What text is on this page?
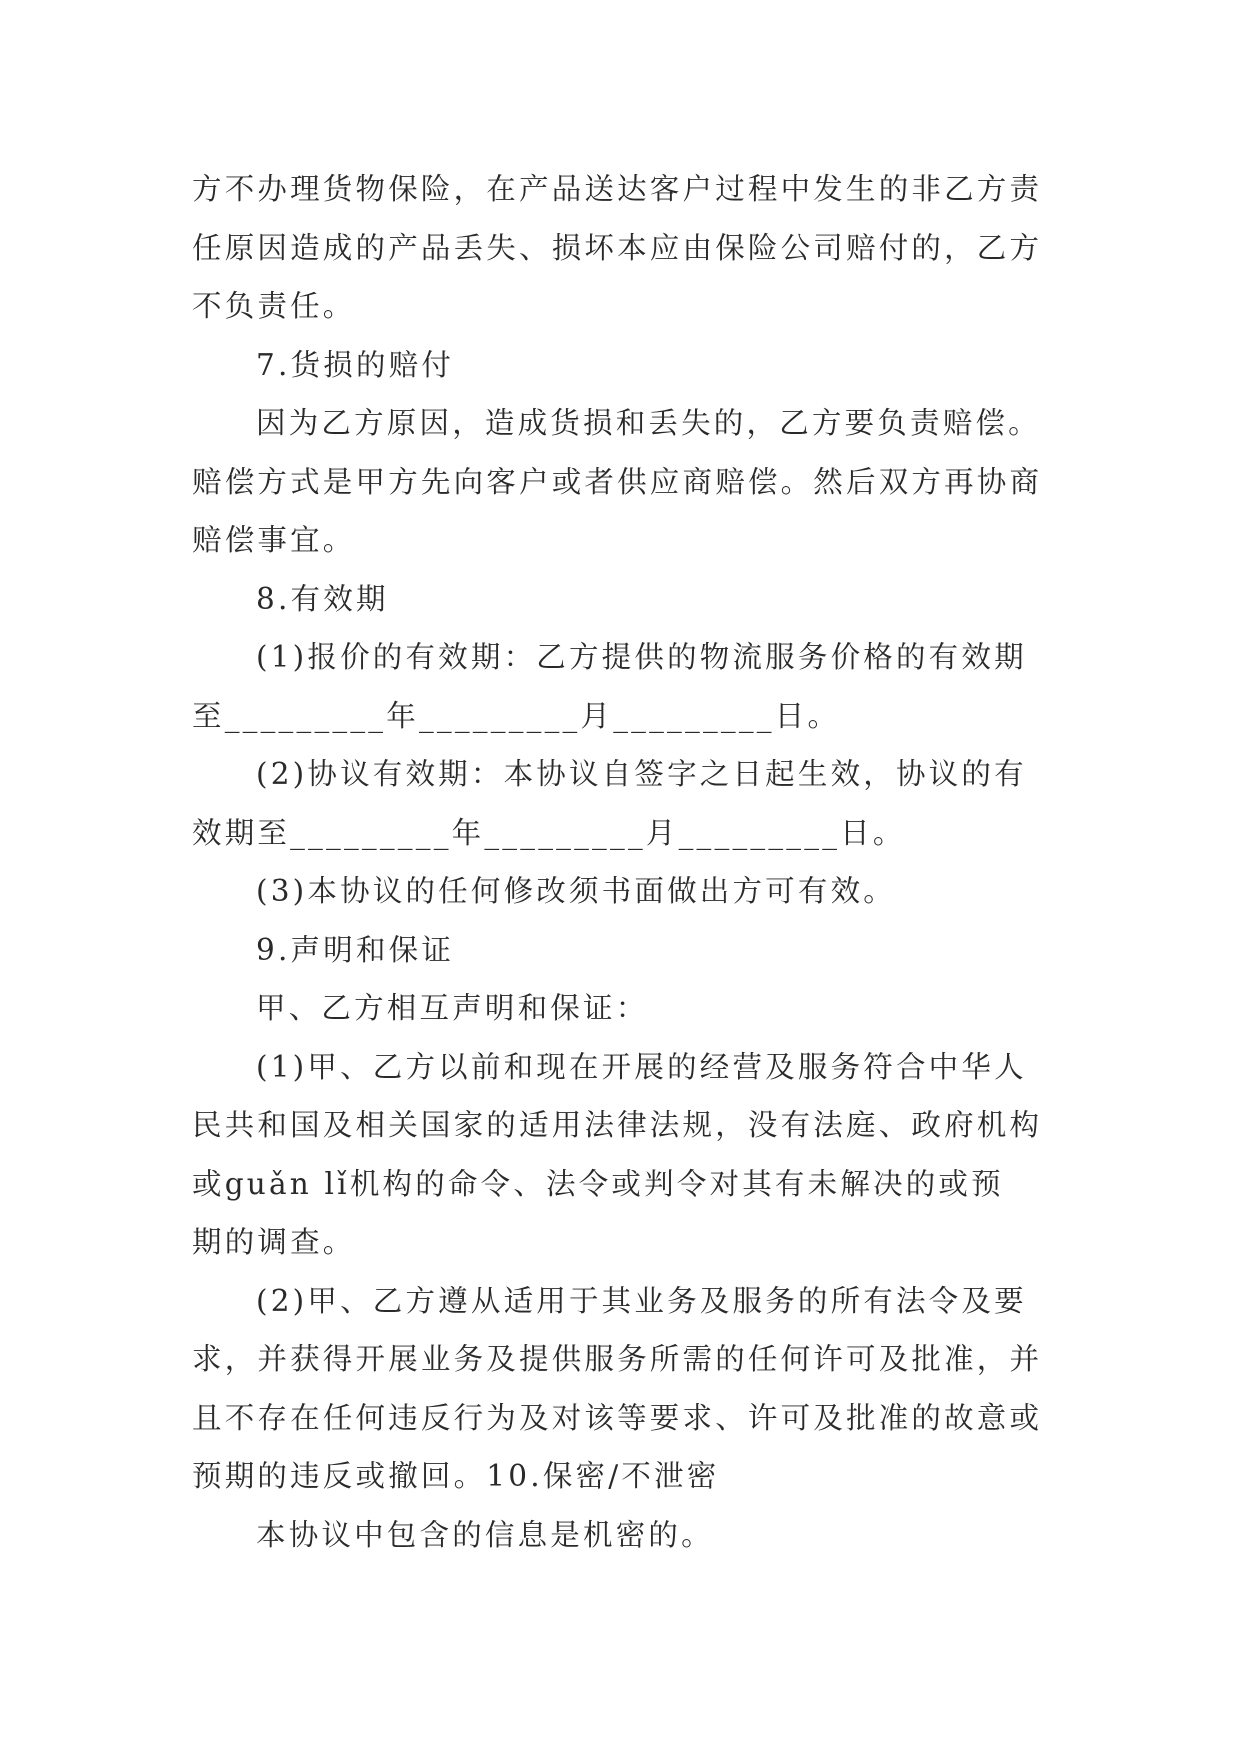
方不办理货物保险，在产品送达客户过程中发生的非乙方责
任原因造成的产品丢失、损坏本应由保险公司赔付的，乙方
不负责任。
7.货损的赔付
因为乙方原因，造成货损和丢失的，乙方要负责赔偿。
赔偿方式是甲方先向客户或者供应商赔偿。然后双方再协商
赔偿事宜。
8.有效期
(1)报价的有效期：乙方提供的物流服务价格的有效期
至_________年_________月_________日。
(2)协议有效期：本协议自签字之日起生效，协议的有
效期至_________年_________月_________日。
(3)本协议的任何修改须书面做出方可有效。
9.声明和保证
甲、乙方相互声明和保证：
(1)甲、乙方以前和现在开展的经营及服务符合中华人
民共和国及相关国家的适用法律法规，没有法庭、政府机构
或guǎn lǐ机构的命令、法令或判令对其有未解决的或预
期的调查。
(2)甲、乙方遵从适用于其业务及服务的所有法令及要
求，并获得开展业务及提供服务所需的任何许可及批准，并
且不存在任何违反行为及对该等要求、许可及批准的故意或
预期的违反或撤回。10.保密/不泄密
本协议中包含的信息是机密的。
